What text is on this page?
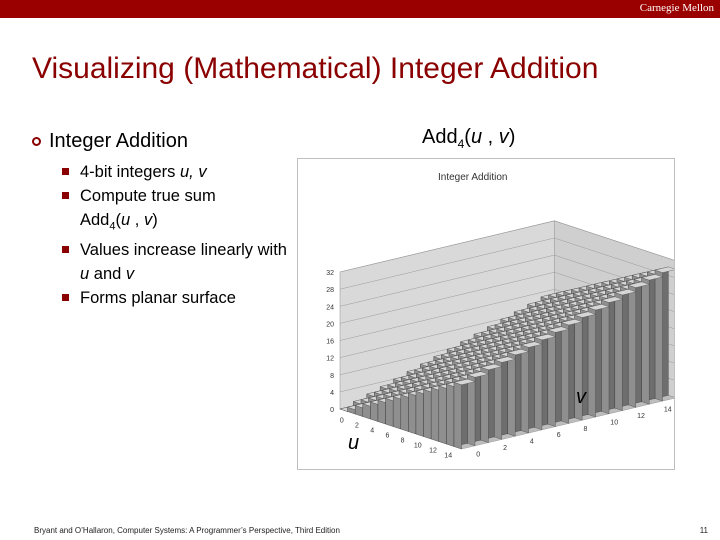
Carnegie Mellon
Visualizing (Mathematical) Integer Addition
Integer Addition
4-bit integers u, v
Compute true sum
Add$_4$(u , v)
Values increase linearly with u and v
Forms planar surface
Add$_4$(u , v)
Integer Addition
0
4
8
12
16
20
24
28
32
0
2
4
6
8
10
12
14	0
2
4
6
8
10
12
14
v
u
Bryant and O’Hallaron, Computer Systems: A Programmer’s Perspective, Third Edition	11
